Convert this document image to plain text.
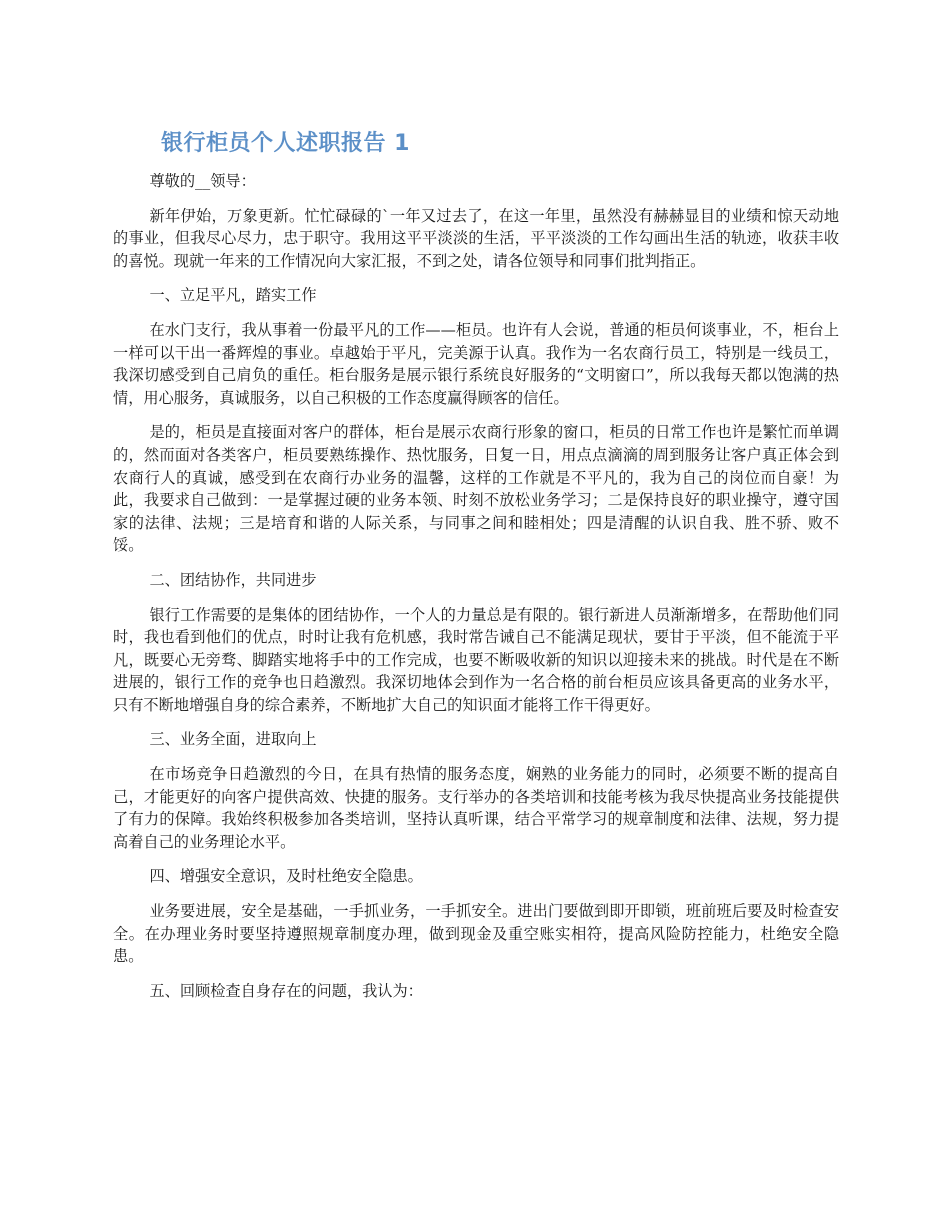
银行柜员个人述职报告 1

尊敬的__领导：

新年伊始，万象更新。忙忙碌碌的`一年又过去了，在这一年里，虽然没有赫赫显目的业绩和惊天动地的事业，但我尽心尽力，忠于职守。我用这平平淡淡的生活，平平淡淡的工作勾画出生活的轨迹，收获丰收的喜悦。现就一年来的工作情况向大家汇报，不到之处，请各位领导和同事们批判指正。

一、立足平凡，踏实工作

在水门支行，我从事着一份最平凡的工作——柜员。也许有人会说，普通的柜员何谈事业，不，柜台上一样可以干出一番辉煌的事业。卓越始于平凡，完美源于认真。我作为一名农商行员工，特别是一线员工，我深切感受到自己肩负的重任。柜台服务是展示银行系统良好服务的“文明窗口”，所以我每天都以饱满的热情，用心服务，真诚服务，以自己积极的工作态度赢得顾客的信任。

是的，柜员是直接面对客户的群体，柜台是展示农商行形象的窗口，柜员的日常工作也许是繁忙而单调的，然而面对各类客户，柜员要熟练操作、热忱服务，日复一日，用点点滴滴的周到服务让客户真正体会到农商行人的真诚，感受到在农商行办业务的温馨，这样的工作就是不平凡的，我为自己的岗位而自豪！为此，我要求自己做到：一是掌握过硬的业务本领、时刻不放松业务学习；二是保持良好的职业操守，遵守国家的法律、法规；三是培育和谐的人际关系，与同事之间和睦相处；四是清醒的认识自我、胜不骄、败不馁。

二、团结协作，共同进步

银行工作需要的是集体的团结协作，一个人的力量总是有限的。银行新进人员渐渐增多，在帮助他们同时，我也看到他们的优点，时时让我有危机感，我时常告诫自己不能满足现状，要甘于平淡，但不能流于平凡，既要心无旁骛、脚踏实地将手中的工作完成，也要不断吸收新的知识以迎接未来的挑战。时代是在不断进展的，银行工作的竞争也日趋激烈。我深切地体会到作为一名合格的前台柜员应该具备更高的业务水平，只有不断地增强自身的综合素养，不断地扩大自己的知识面才能将工作干得更好。

三、业务全面，进取向上

在市场竞争日趋激烈的今日，在具有热情的服务态度，娴熟的业务能力的同时，必须要不断的提高自己，才能更好的向客户提供高效、快捷的服务。支行举办的各类培训和技能考核为我尽快提高业务技能提供了有力的保障。我始终积极参加各类培训，坚持认真听课，结合平常学习的规章制度和法律、法规，努力提高着自己的业务理论水平。

四、增强安全意识，及时杜绝安全隐患。

业务要进展，安全是基础，一手抓业务，一手抓安全。进出门要做到即开即锁，班前班后要及时检查安全。在办理业务时要坚持遵照规章制度办理，做到现金及重空账实相符，提高风险防控能力，杜绝安全隐患。

五、回顾检查自身存在的问题，我认为：
